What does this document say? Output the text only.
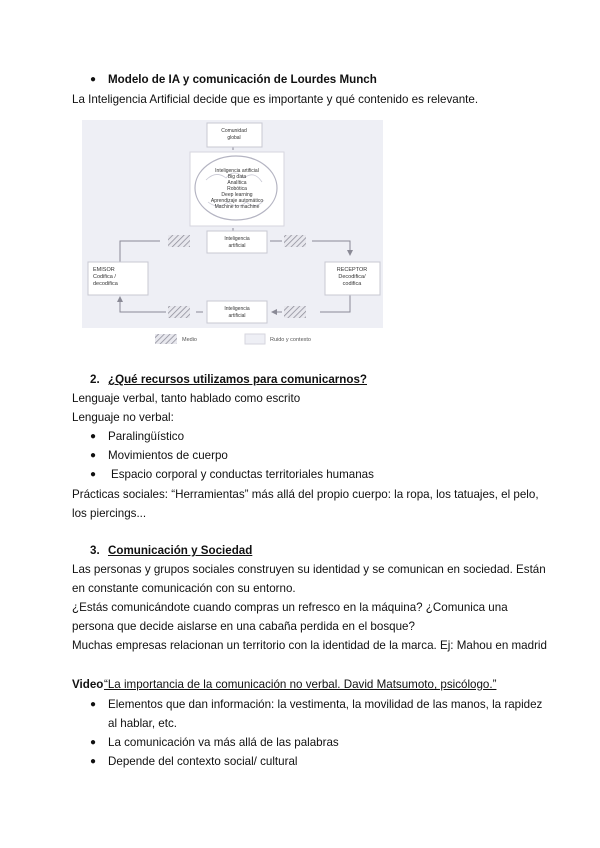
● Modelo de IA y comunicación de Lourdes Munch
La Inteligencia Artificial decide que es importante y qué contenido es relevante.
Comunidad
global
Inteligencia artificial
Big data
Analítica
Robótica
Deep learning
Aprendizaje automático
Machine to machine
Inteligencia
artificial
EMISOR
Codifica /
decodifica
RECEPTOR
Decodifica/
codifica
Inteligencia
artificial
Medio	Ruido y contexto
2. ¿Qué recursos utilizamos para comunicarnos?
Lenguaje verbal, tanto hablado como escrito
Lenguaje no verbal:
● Paralingüístico
● Movimientos de cuerpo
● Espacio corporal y conductas territoriales humanas
Prácticas sociales: “Herramientas” más allá del propio cuerpo: la ropa, los tatuajes, el pelo,
los piercings...
3. Comunicación y Sociedad
Las personas y grupos sociales construyen su identidad y se comunican en sociedad. Están
en constante comunicación con su entorno.
¿Estás comunicándote cuando compras un refresco en la máquina? ¿Comunica una
persona que decide aislarse en una cabaña perdida en el bosque?
Muchas empresas relacionan un territorio con la identidad de la marca. Ej: Mahou en madrid
Video “La importancia de la comunicación no verbal. David Matsumoto, psicólogo.”
● Elementos que dan información: la vestimenta, la movilidad de las manos, la rapidez
al hablar, etc.
● La comunicación va más allá de las palabras
● Depende del contexto social/ cultural
